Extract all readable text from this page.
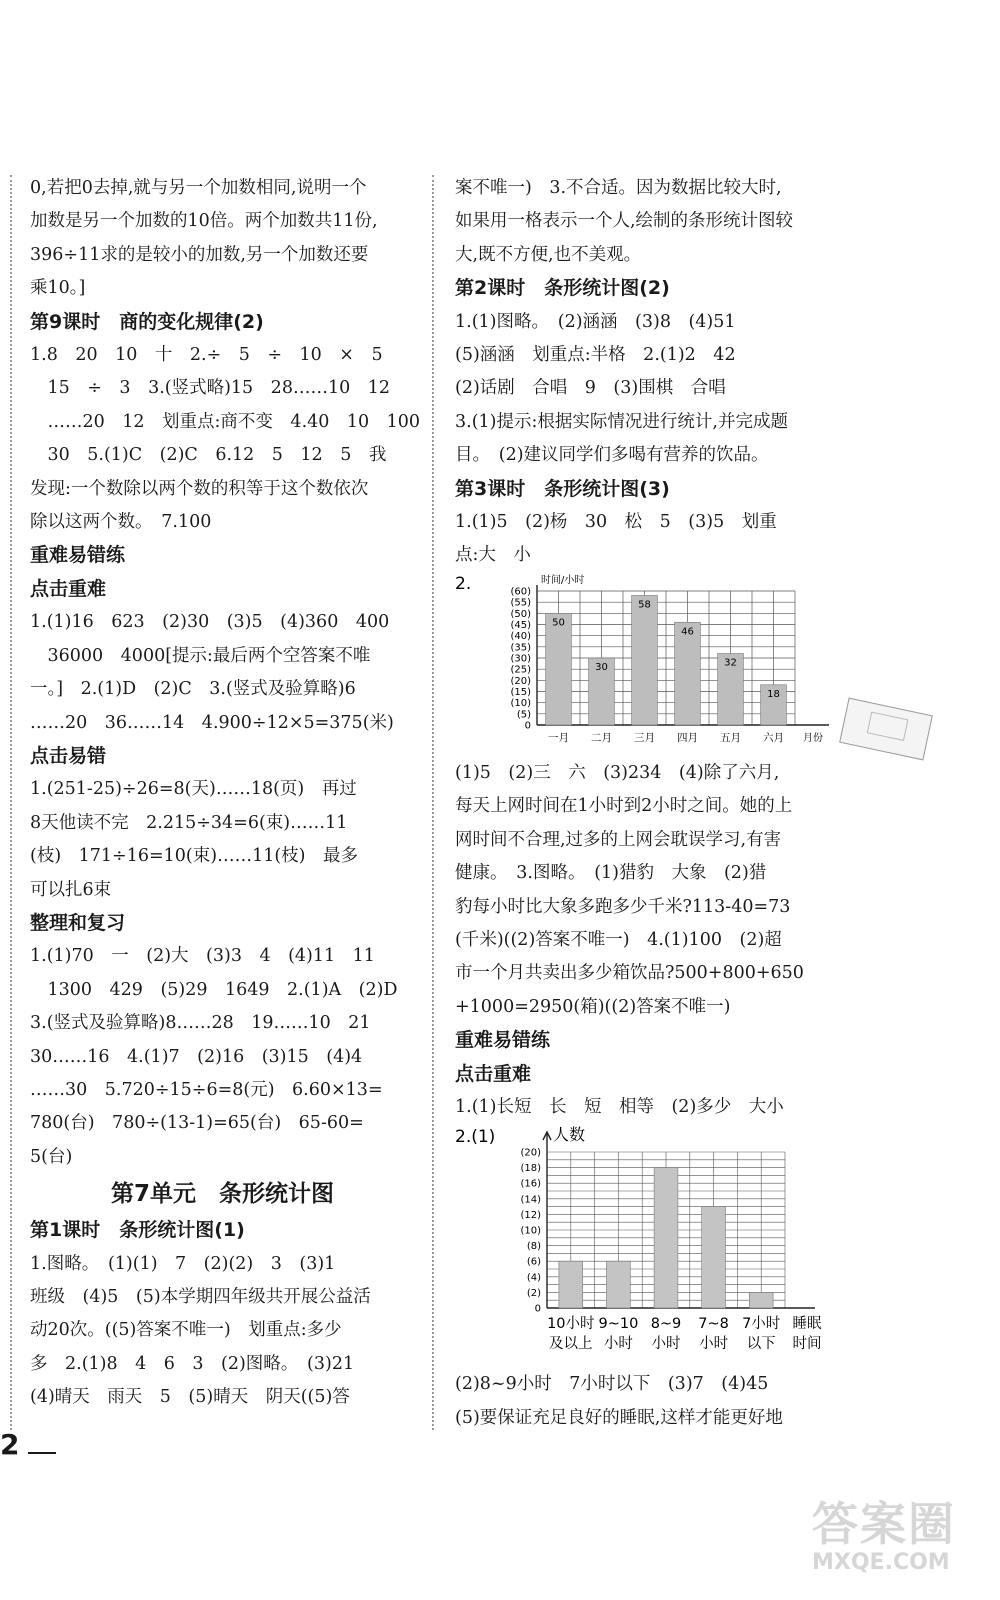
0,若把0去掉,就与另一个加数相同,说明一个

加数是另一个加数的10倍。两个加数共11份,

396÷11求的是较小的加数,另一个加数还要

乘10。]

第9课时　商的变化规律(2)

1.8　20　10　十　2.÷　5　÷　10　×　5

　15　÷　3　3.(竖式略)15　28……10　12

　……20　12　划重点:商不变　4.40　10　100

　30　5.(1)C　(2)C　6.12　5　12　5　我

发现:一个数除以两个数的积等于这个数依次

除以这两个数。　7.100

重难易错练
点击重难

1.(1)16　623　(2)30　(3)5　(4)360　400

　36000　4000[提示:最后两个空答案不唯

一。]　2.(1)D　(2)C　3.(竖式及验算略)6

……20　36……14　4.900÷12×5=375(米)

点击易错

1.(251-25)÷26=8(天)……18(页)　再过

8天他读不完　2.215÷34=6(束)……11

(枝)　171÷16=10(束)……11(枝)　最多

可以扎6束

整理和复习

1.(1)70　一　(2)大　(3)3　4　(4)11　11

　1300　429　(5)29　1649　2.(1)A　(2)D

3.(竖式及验算略)8……28　19……10　21

30……16　4.(1)7　(2)16　(3)15　(4)4

……30　5.720÷15÷6=8(元)　6.60×13=

780(台)　780÷(13-1)=65(台)　65-60=

5(台)

第7单元　条形统计图
第1课时　条形统计图(1)

1.图略。　(1)(1)　7　(2)(2)　3　(3)1

班级　(4)5　(5)本学期四年级共开展公益活

动20次。((5)答案不唯一)　划重点:多少

多　2.(1)8　4　6　3　(2)图略。　(3)21

(4)晴天　雨天　5　(5)晴天　阴天((5)答

案不唯一)　3.不合适。因为数据比较大时,

如果用一格表示一个人,绘制的条形统计图较

大,既不方便,也不美观。

第2课时　条形统计图(2)

1.(1)图略。　(2)涵涵　(3)8　(4)51

(5)涵涵　划重点:半格　2.(1)2　42

(2)话剧　合唱　9　(3)围棋　合唱

3.(1)提示:根据实际情况进行统计,并完成题

目。　(2)建议同学们多喝有营养的饮品。

第3课时　条形统计图(3)

1.(1)5　(2)杨　30　松　5　(3)5　划重

点:大　小

2.	时间/小时
月份
(60)
(55)
(50)
(45)
(40)
(35)
(30)
(25)
(20)
(15)
(10)
(5)
0
50
一月
30
二月
58
三月
46
四月
32
五月
18
六月

(1)5　(2)三　六　(3)234　(4)除了六月,

每天上网时间在1小时到2小时之间。她的上

网时间不合理,过多的上网会耽误学习,有害

健康。　3.图略。　(1)猎豹　大象　(2)猎

豹每小时比大象多跑多少千米?113-40=73

(千米)((2)答案不唯一)　4.(1)100　(2)超

市一个月共卖出多少箱饮品?500+800+650

+1000=2950(箱)((2)答案不唯一)

重难易错练
点击重难

1.(1)长短　长　短　相等　(2)多少　大小

2.(1)	人数
(20)
(18)
(16)
(14)
(12)
(10)
(8)
(6)
(4)
(2)
0
10小时
及以上
9~10
小时
8~9
小时
7~8
小时
7小时
以下
睡眠
时间

(2)8~9小时　7小时以下　(3)7　(4)45

(5)要保证充足良好的睡眠,这样才能更好地

2
答案圈
MXQE.COM
